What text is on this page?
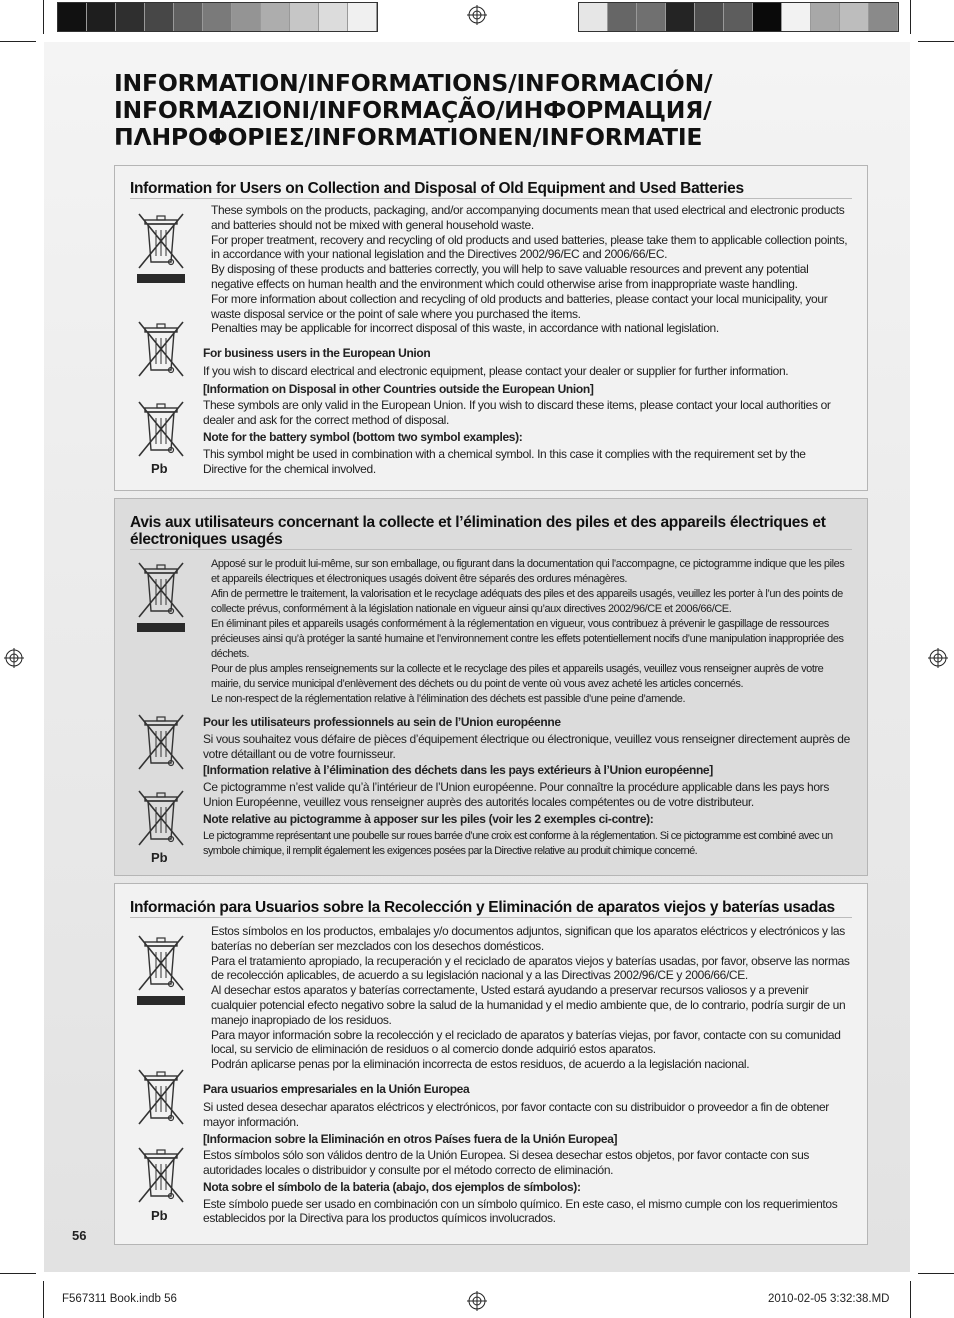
INFORMATION/INFORMATIONS/INFORMACIÓN/
INFORMAZIONI/INFORMAÇÃO/ИНФОРМАЦИЯ/
ΠΛΗΡΟΦΟΡΙΕΣ/INFORMATIONEN/INFORMATIE
Information for Users on Collection and Disposal of Old Equipment and Used Batteries
Pb

These symbols on the products, packaging, and/or accompanying documents mean that used electrical and electronic products and batteries should not be mixed with general household waste.

For proper treatment, recovery and recycling of old products and used batteries, please take them to applicable collection points, in accordance with your national legislation and the Directives 2002/96/EC and 2006/66/EC.

By disposing of these products and batteries correctly, you will help to save valuable resources and prevent any potential negative effects on human health and the environment which could otherwise arise from inappropriate waste handling.

For more information about collection and recycling of old products and batteries, please contact your local municipality, your waste disposal service or the point of sale where you purchased the items.

Penalties may be applicable for incorrect disposal of this waste, in accordance with national legislation.

For business users in the European Union

If you wish to discard electrical and electronic equipment, please contact your dealer or supplier for further information.

[Information on Disposal in other Countries outside the European Union]

These symbols are only valid in the European Union. If you wish to discard these items, please contact your local authorities or dealer and ask for the correct method of disposal.

Note for the battery symbol (bottom two symbol examples):

This symbol might be used in combination with a chemical symbol. In this case it complies with the requirement set by the Directive for the chemical involved.

Avis aux utilisateurs concernant la collecte et l’élimination des piles et des appareils électriques et électroniques usagés
Pb

Apposé sur le produit lui-même, sur son emballage, ou figurant dans la documentation qui l’accompagne, ce pictogramme indique que les piles et appareils électriques et électroniques usagés doivent être séparés des ordures ménagères.

Afin de permettre le traitement, la valorisation et le recyclage adéquats des piles et des appareils usagés, veuillez les porter à l’un des points de collecte prévus, conformément à la législation nationale en vigueur ainsi qu’aux directives 2002/96/CE et 2006/66/CE.

En éliminant piles et appareils usagés conformément à la réglementation en vigueur, vous contribuez à prévenir le gaspillage de ressources précieuses ainsi qu’à protéger la santé humaine et l’environnement contre les effets potentiellement nocifs d’une manipulation inappropriée des déchets.

Pour de plus amples renseignements sur la collecte et le recyclage des piles et appareils usagés, veuillez vous renseigner auprès de votre mairie, du service municipal d’enlèvement des déchets ou du point de vente où vous avez acheté les articles concernés.

Le non-respect de la réglementation relative à l’élimination des déchets est passible d’une peine d’amende.

Pour les utilisateurs professionnels au sein de l’Union européenne

Si vous souhaitez vous défaire de pièces d’équipement électrique ou électronique, veuillez vous renseigner directement auprès de votre détaillant ou de votre fournisseur.

[Information relative à l’élimination des déchets dans les pays extérieurs à l’Union européenne]

Ce pictogramme n’est valide qu’à l’intérieur de l’Union européenne. Pour connaître la procédure applicable dans les pays hors Union Européenne, veuillez vous renseigner auprès des autorités locales compétentes ou de votre distributeur.

Note relative au pictogramme à apposer sur les piles (voir les 2 exemples ci-contre):

Le pictogramme représentant une poubelle sur roues barrée d’une croix est conforme à la réglementation. Si ce pictogramme est combiné avec un symbole chimique, il remplit également les exigences posées par la Directive relative au produit chimique concerné.

Información para Usuarios sobre la Recolección y Eliminación de aparatos viejos y baterías usadas
Pb

Estos símbolos en los productos, embalajes y/o documentos adjuntos, significan que los aparatos eléctricos y electrónicos y las baterías no deberían ser mezclados con los desechos domésticos.

Para el tratamiento apropiado, la recuperación y el reciclado de aparatos viejos y baterías usadas, por favor, observe las normas de recolección aplicables, de acuerdo a su legislación nacional y a las Directivas 2002/96/CE y 2006/66/CE.

Al desechar estos aparatos y baterías correctamente, Usted estará ayudando a preservar recursos valiosos y a prevenir cualquier potencial efecto negativo sobre la salud de la humanidad y el medio ambiente que, de lo contrario, podría surgir de un manejo inapropiado de los residuos.

Para mayor información sobre la recolección y el reciclado de aparatos y baterías viejas, por favor, contacte con su comunidad local, su servicio de eliminación de residuos o al comercio donde adquirió estos aparatos.

Podrán aplicarse penas por la eliminación incorrecta de estos residuos, de acuerdo a la legislación nacional.

Para usuarios empresariales en la Unión Europea

Si usted desea desechar aparatos eléctricos y electrónicos, por favor contacte con su distribuidor o proveedor a fin de obtener mayor información.

[Informacion sobre la Eliminación en otros Países fuera de la Unión Europea]

Estos símbolos sólo son válidos dentro de la Unión Europea. Si desea desechar estos objetos, por favor contacte con sus autoridades locales o distribuidor y consulte por el método correcto de eliminación.

Nota sobre el símbolo de la bateria (abajo, dos ejemplos de símbolos):

Este símbolo puede ser usado en combinación con un símbolo químico. En este caso, el mismo cumple con los requerimientos establecidos por la Directiva para los productos químicos involucrados.

56
F567311 Book.indb 56	2010-02-05 3:32:38.MD
